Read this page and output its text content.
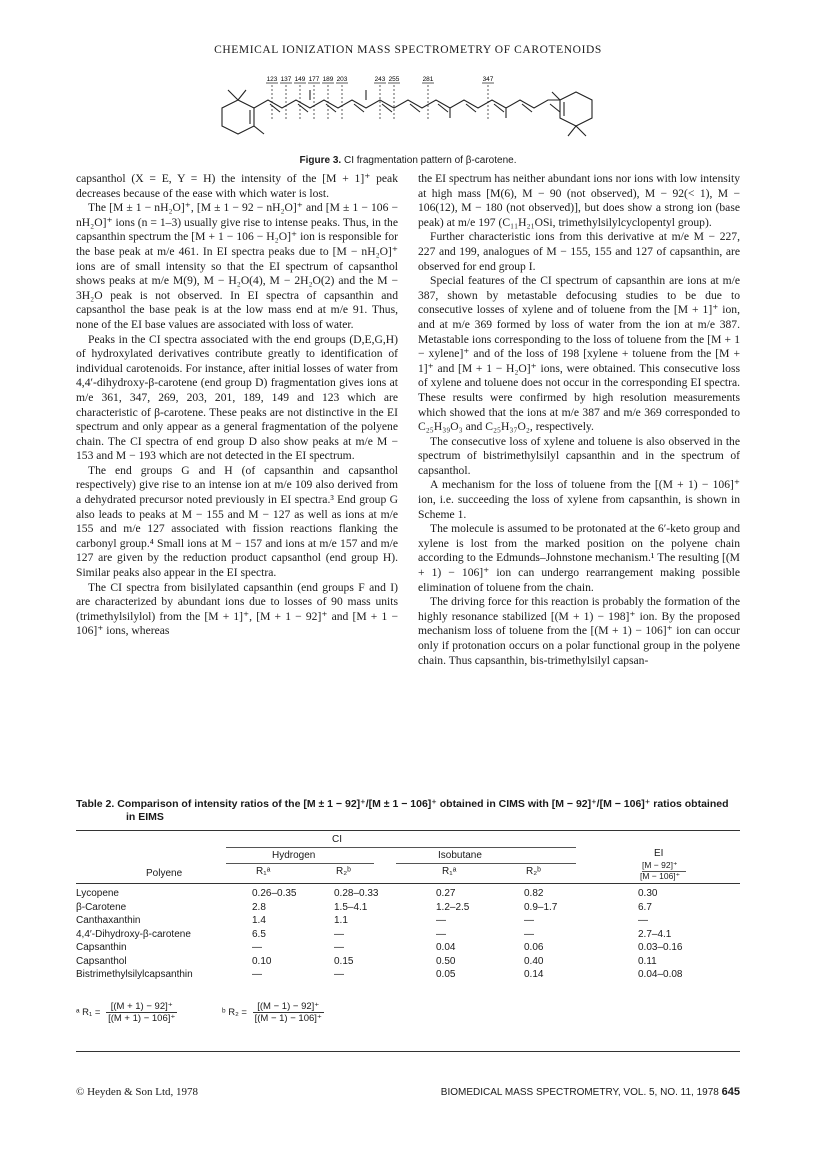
CHEMICAL IONIZATION MASS SPECTROMETRY OF CAROTENOIDS
123 137 149 177 189 203	243 255	281	347
Figure 3. CI fragmentation pattern of β-carotene.

capsanthol (X = E, Y = H) the intensity of the [M + 1]⁺ peak decreases because of the ease with which water is lost.

The [M ± 1 − nH₂O]⁺, [M ± 1 − 92 − nH₂O]⁺ and [M ± 1 − 106 − nH₂O]⁺ ions (n = 1–3) usually give rise to intense peaks. Thus, in the capsanthin spectrum the [M + 1 − 106 − H₂O]⁺ ion is responsible for the base peak at m/e 461. In EI spectra peaks due to [M − nH₂O]⁺ ions are of small intensity so that the EI spectrum of capsanthol shows peaks at m/e M(9), M − H₂O(4), M − 2H₂O(2) and the M − 3H₂O peak is not observed. In EI spectra of capsanthin and capsanthol the base peak is at the low mass end at m/e 91. Thus, none of the EI base values are associated with loss of water.

Peaks in the CI spectra associated with the end groups (D,E,G,H) of hydroxylated derivatives contribute greatly to identification of individual carotenoids. For instance, after initial losses of water from 4,4′-dihydroxy-β-carotene (end group D) fragmentation gives ions at m/e 361, 347, 269, 203, 201, 189, 149 and 123 which are characteristic of β-carotene. These peaks are not distinctive in the EI spectrum and only appear as a general fragmentation of the polyene chain. The CI spectra of end group D also show peaks at m/e M − 153 and M − 193 which are not detected in the EI spectrum.

The end groups G and H (of capsanthin and capsanthol respectively) give rise to an intense ion at m/e 109 also derived from a dehydrated precursor noted previously in EI spectra.³ End group G also leads to peaks at M − 155 and M − 127 as well as ions at m/e 155 and m/e 127 associated with fission reactions flanking the carbonyl group.⁴ Small ions at M − 157 and ions at m/e 157 and m/e 127 are given by the reduction product capsanthol (end group H). Similar peaks also appear in the EI spectra.

The CI spectra from bisilylated capsanthin (end groups F and I) are characterized by abundant ions due to losses of 90 mass units (trimethylsilylol) from the [M + 1]⁺, [M + 1 − 92]⁺ and [M + 1 − 106]⁺ ions, whereas

the EI spectrum has neither abundant ions nor ions with low intensity at high mass [M(6), M − 90 (not observed), M − 92(< 1), M − 106(12), M − 180 (not observed)], but does show a strong ion (base peak) at m/e 197 (C₁₁H₂₁OSi, trimethylsilylcyclopentyl group).

Further characteristic ions from this derivative at m/e M − 227, 227 and 199, analogues of M − 155, 155 and 127 of capsanthin, are observed for end group I.

Special features of the CI spectrum of capsanthin are ions at m/e 387, shown by metastable defocusing studies to be due to consecutive losses of xylene and of toluene from the [M + 1]⁺ ion, and at m/e 369 formed by loss of water from the ion at m/e 387. Metastable ions corresponding to the loss of toluene from the [M + 1 − xylene]⁺ and of the loss of 198 [xylene + toluene from the [M + 1]⁺ and [M + 1 − H₂O]⁺ ions, were obtained. This consecutive loss of xylene and toluene does not occur in the corresponding EI spectra. These results were confirmed by high resolution measurements which showed that the ions at m/e 387 and m/e 369 corresponded to C₂₅H₃₉O₃ and C₂₅H₃₇O₂, respectively.

The consecutive loss of xylene and toluene is also observed in the spectrum of bistrimethylsilyl capsanthin and in the spectrum of capsanthol.

A mechanism for the loss of toluene from the [(M + 1) − 106]⁺ ion, i.e. succeeding the loss of xylene from capsanthin, is shown in Scheme 1.

The molecule is assumed to be protonated at the 6′-keto group and xylene is lost from the marked position on the polyene chain according to the Edmunds–Johnstone mechanism.¹ The resulting [(M + 1) − 106]⁺ ion can undergo rearrangement making possible elimination of toluene from the chain.

The driving force for this reaction is probably the formation of the highly resonance stabilized [(M + 1) − 198]⁺ ion. By the proposed mechanism loss of toluene from the [(M + 1) − 106]⁺ ion can occur only if protonation occurs on a polar functional group in the polyene chain. Thus capsanthin, bis-trimethylsilyl capsan-

Table 2. Comparison of intensity ratios of the [M ± 1 − 92]⁺/[M ± 1 − 106]⁺ obtained in CIMS with [M − 92]⁺/[M − 106]⁺ ratios obtained in EIMS
CI
EI
Hydrogen	Isobutane
[M − 92]⁺
[M − 106]⁺
Polyene	R₁ᵃ	R₂ᵇ	R₁ᵃ	R₂ᵇ
Lycopene	0.26–0.35	0.28–0.33	0.27	0.82	0.30
β-Carotene	2.8	1.5–4.1	1.2–2.5	0.9–1.7	6.7
Canthaxanthin	1.4	1.1	—	—	—
4,4′-Dihydroxy-β-carotene	6.5	—	—	—	2.7–4.1
Capsanthin	—	—	0.04	0.06	0.03–0.16
Capsanthol	0.10	0.15	0.50	0.40	0.11
Bistrimethylsilylcapsanthin	—	—	0.05	0.14	0.04–0.08
ᵃ $R_1 = \frac{[(M + 1) - 92]^+}{[(M + 1) - 106]^+}$	ᵇ $R_2 = \frac{[(M - 1) - 92]^+}{[(M - 1) - 106]^+}$
© Heyden & Son Ltd, 1978	BIOMEDICAL MASS SPECTROMETRY, VOL. 5, NO. 11, 1978 645
